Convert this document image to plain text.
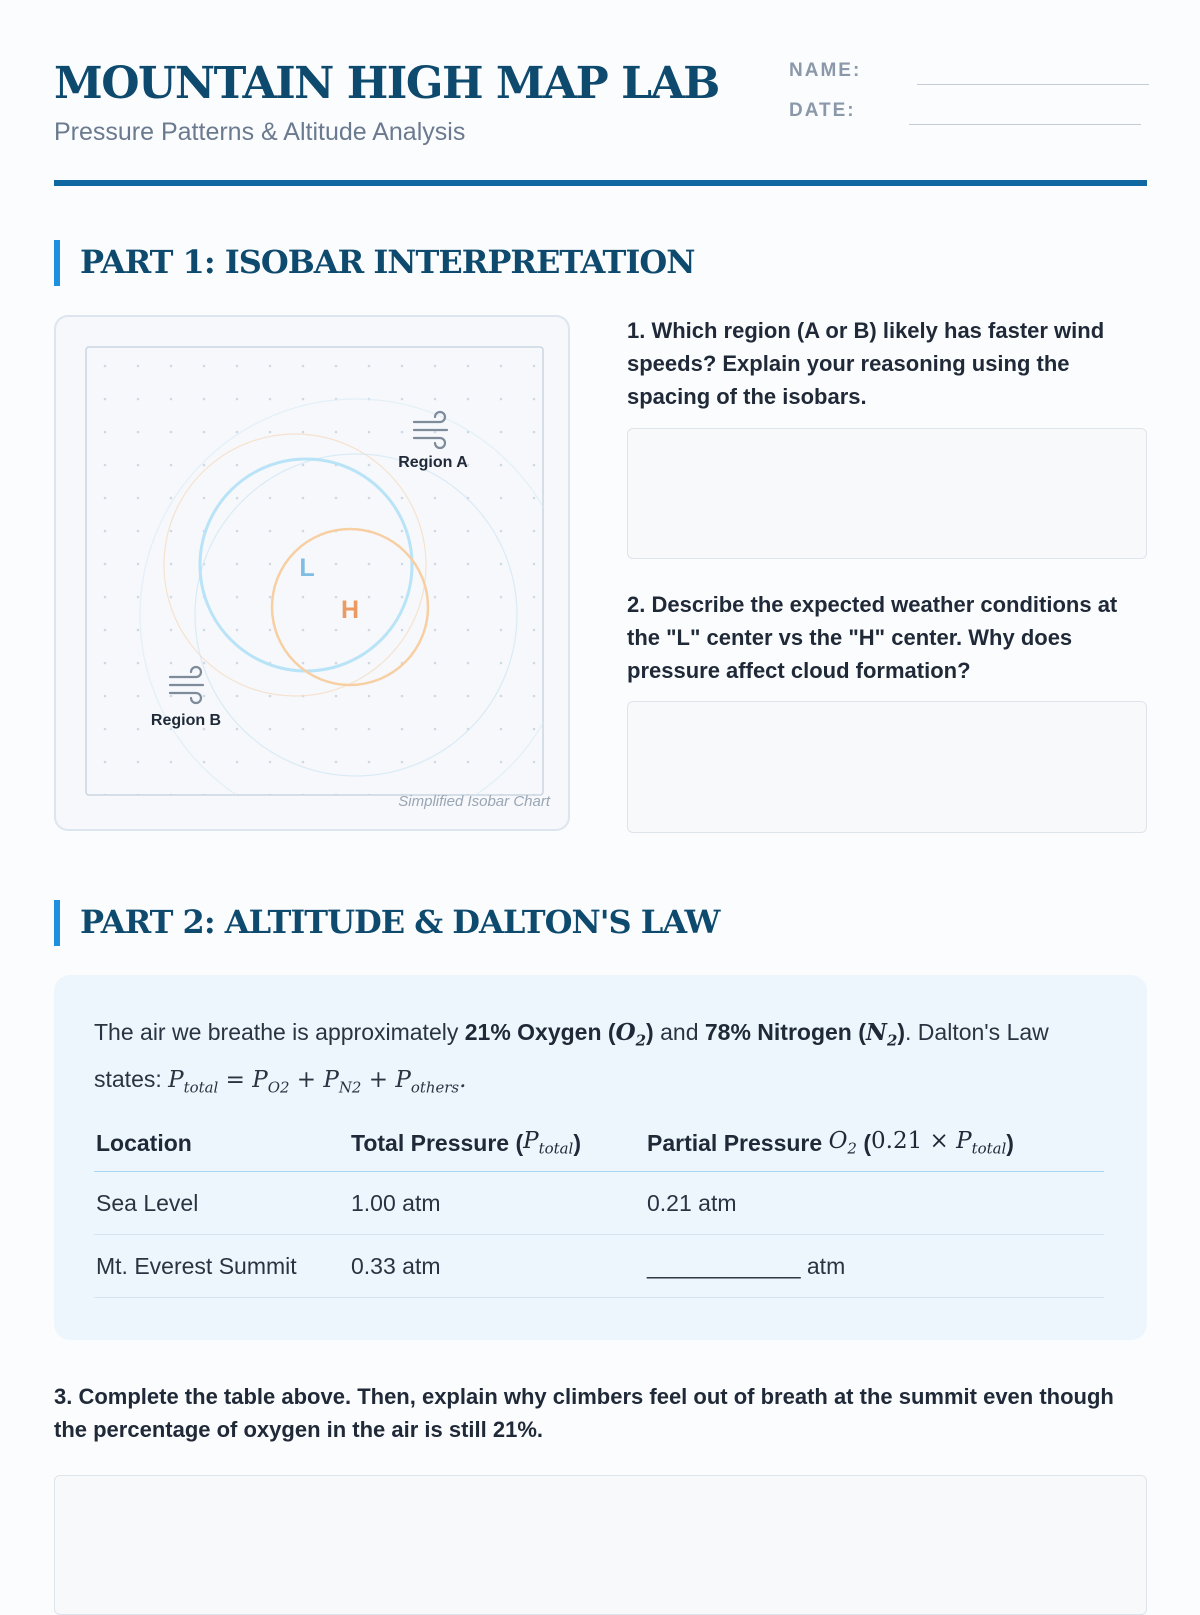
MOUNTAIN HIGH MAP LAB
Pressure Patterns & Altitude Analysis
NAME:
DATE:
PART 1: ISOBAR INTERPRETATION
L
H
Region A
Region B
Simplified Isobar Chart
1. Which region (A or B) likely has faster wind speeds? Explain your reasoning using the spacing of the isobars.
2. Describe the expected weather conditions at the "L" center vs the "H" center. Why does pressure affect cloud formation?
PART 2: ALTITUDE & DALTON'S LAW
The air we breathe is approximately 21% Oxygen $(O_2)$ and 78% Nitrogen $(N_2)$. Dalton's Law states: $P_{total} = P_{O2} + P_{N2} + P_{others}$.
Location	Total Pressure ( $P_{total}$ )	Partial Pressure
$O_2$ ( $0.21 \times P_{total}$ )
Sea Level	1.00 atm	0.21 atm
Mt. Everest Summit 0.33 atm	____________ atm
3. Complete the table above. Then, explain why climbers feel out of breath at the summit even though the percentage of oxygen in the air is still 21%.
